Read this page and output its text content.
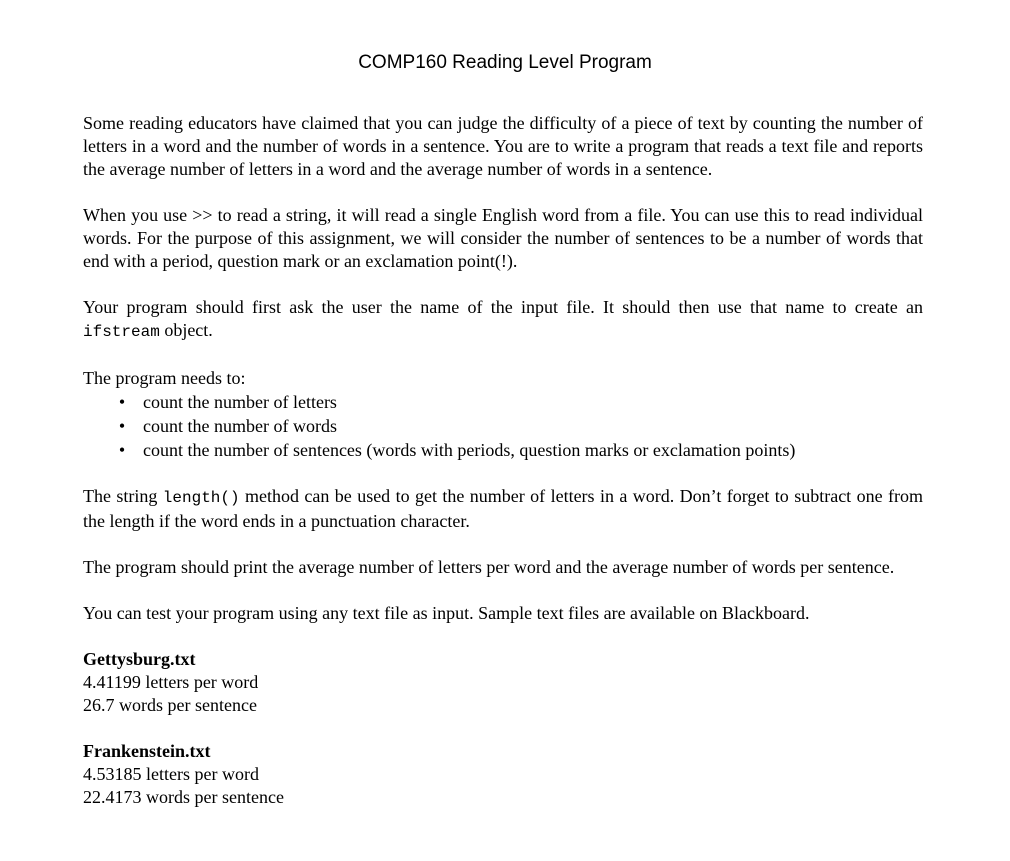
COMP160 Reading Level Program

Some reading educators have claimed that you can judge the difficulty of a piece of text by counting the number of letters in a word and the number of words in a sentence. You are to write a program that reads a text file and reports the average number of letters in a word and the average number of words in a sentence.

When you use >> to read a string, it will read a single English word from a file. You can use this to read individual words. For the purpose of this assignment, we will consider the number of sentences to be a number of words that end with a period, question mark or an exclamation point(!).

Your program should first ask the user the name of the input file. It should then use that name to create an ifstream object.

The program needs to:

• count the number of letters
• count the number of words
• count the number of sentences (words with periods, question marks or exclamation points)

The string length() method can be used to get the number of letters in a word. Don’t forget to subtract one from the length if the word ends in a punctuation character.

The program should print the average number of letters per word and the average number of words per sentence.

You can test your program using any text file as input. Sample text files are available on Blackboard.

Gettysburg.txt

4.41199 letters per word

26.7 words per sentence

Frankenstein.txt

4.53185 letters per word

22.4173 words per sentence
